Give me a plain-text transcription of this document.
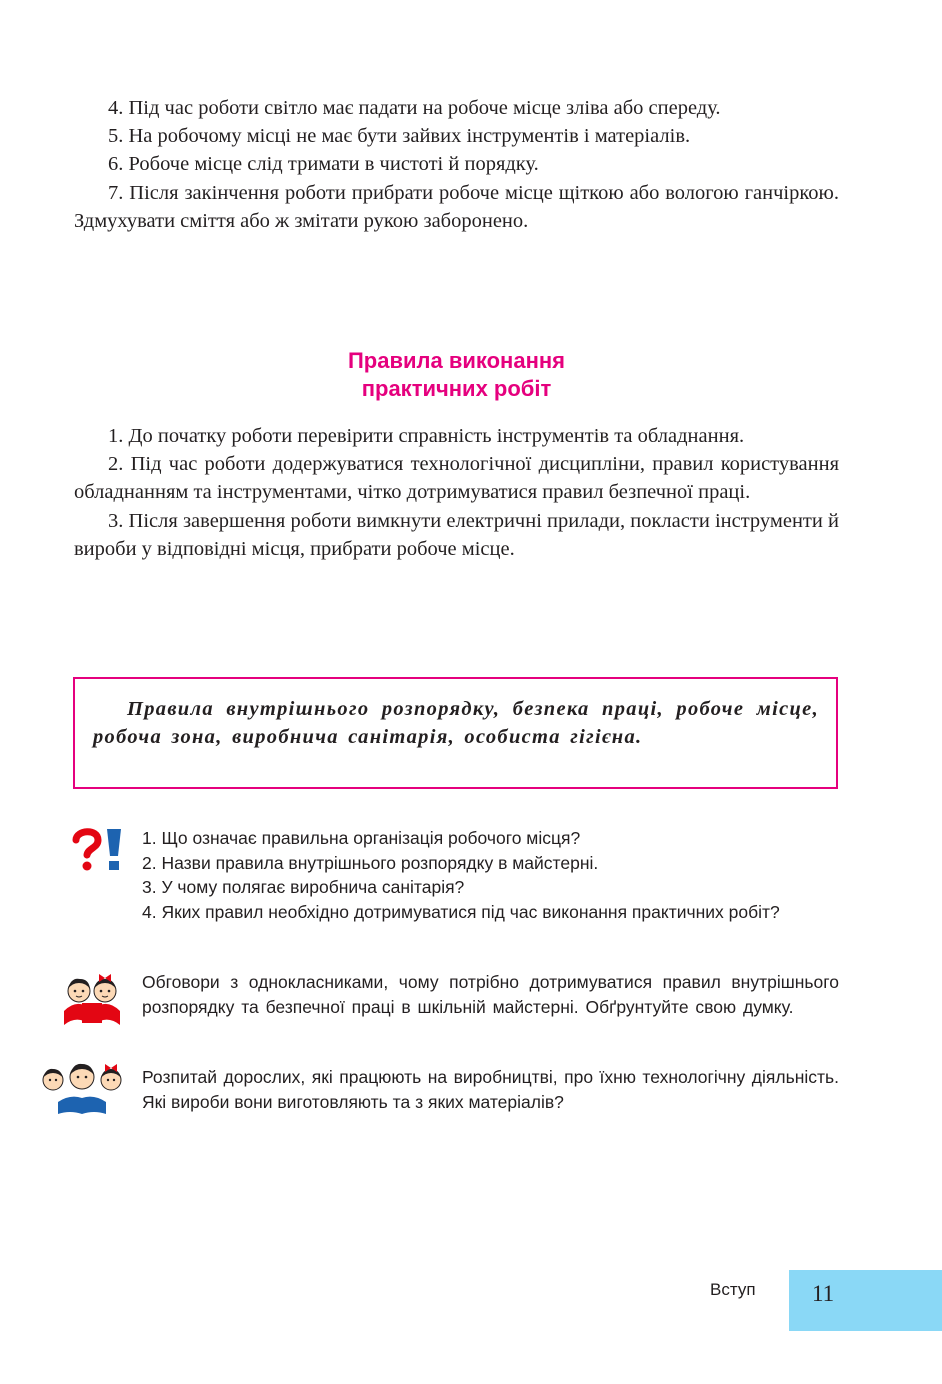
4. Під час роботи світло має падати на робоче місце зліва або спереду.

5. На робочому місці не має бути зайвих інструментів і матеріалів.

6. Робоче місце слід тримати в чистоті й порядку.

7. Після закінчення роботи прибрати робоче місце щіткою або вологою ганчіркою. Здмухувати сміття або ж змітати рукою заборонено.

Правила виконання
практичних робіт

1. До початку роботи перевірити справність інструментів та обладнання.

2. Під час роботи додержуватися технологічної дисципліни, правил користування обладнанням та інструментами, чітко дотримуватися правил безпечної праці.

3. Після завершення роботи вимкнути електричні прилади, покласти інструменти й вироби у відповідні місця, прибрати робоче місце.

Правила внутрішнього розпорядку, безпека праці, робоче місце, робоча зона, виробнича санітарія, особиста гігієна.
1. Що означає правильна організація робочого місця?
2. Назви правила внутрішнього розпорядку в майстерні.
3. У чому полягає виробнича санітарія?
4. Яких правил необхідно дотримуватися під час виконання практичних робіт?
Обговори з однокласниками, чому потрібно дотримуватися правил внутрішнього розпорядку та безпечної праці в шкільній майстерні. Обґрунтуйте свою думку.
Розпитай дорослих, які працюють на виробництві, про їхню технологічну діяльність. Які вироби вони виготовляють та з яких матеріалів?
Вступ 11
